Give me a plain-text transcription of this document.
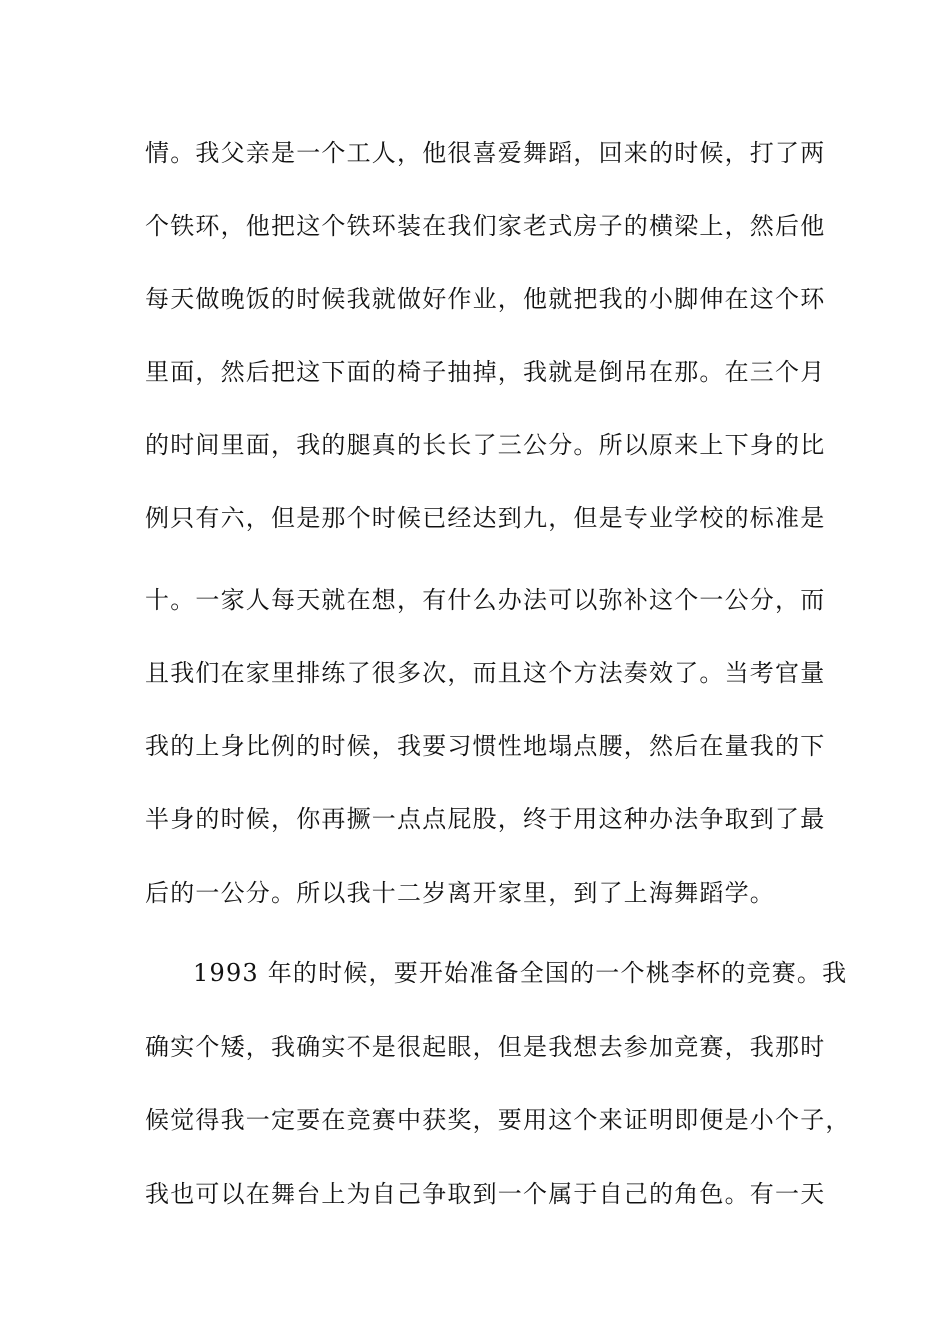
情。我父亲是一个工人，他很喜爱舞蹈，回来的时候，打了两

个铁环，他把这个铁环装在我们家老式房子的横梁上，然后他

每天做晚饭的时候我就做好作业，他就把我的小脚伸在这个环

里面，然后把这下面的椅子抽掉，我就是倒吊在那。在三个月

的时间里面，我的腿真的长长了三公分。所以原来上下身的比

例只有六，但是那个时候已经达到九，但是专业学校的标准是

十。一家人每天就在想，有什么办法可以弥补这个一公分，而

且我们在家里排练了很多次，而且这个方法奏效了。当考官量

我的上身比例的时候，我要习惯性地塌点腰，然后在量我的下

半身的时候，你再撅一点点屁股，终于用这种办法争取到了最

后的一公分。所以我十二岁离开家里，到了上海舞蹈学。

1993 年的时候，要开始准备全国的一个桃李杯的竞赛。我

确实个矮，我确实不是很起眼，但是我想去参加竞赛，我那时

候觉得我一定要在竞赛中获奖，要用这个来证明即便是小个子，

我也可以在舞台上为自己争取到一个属于自己的角色。有一天
